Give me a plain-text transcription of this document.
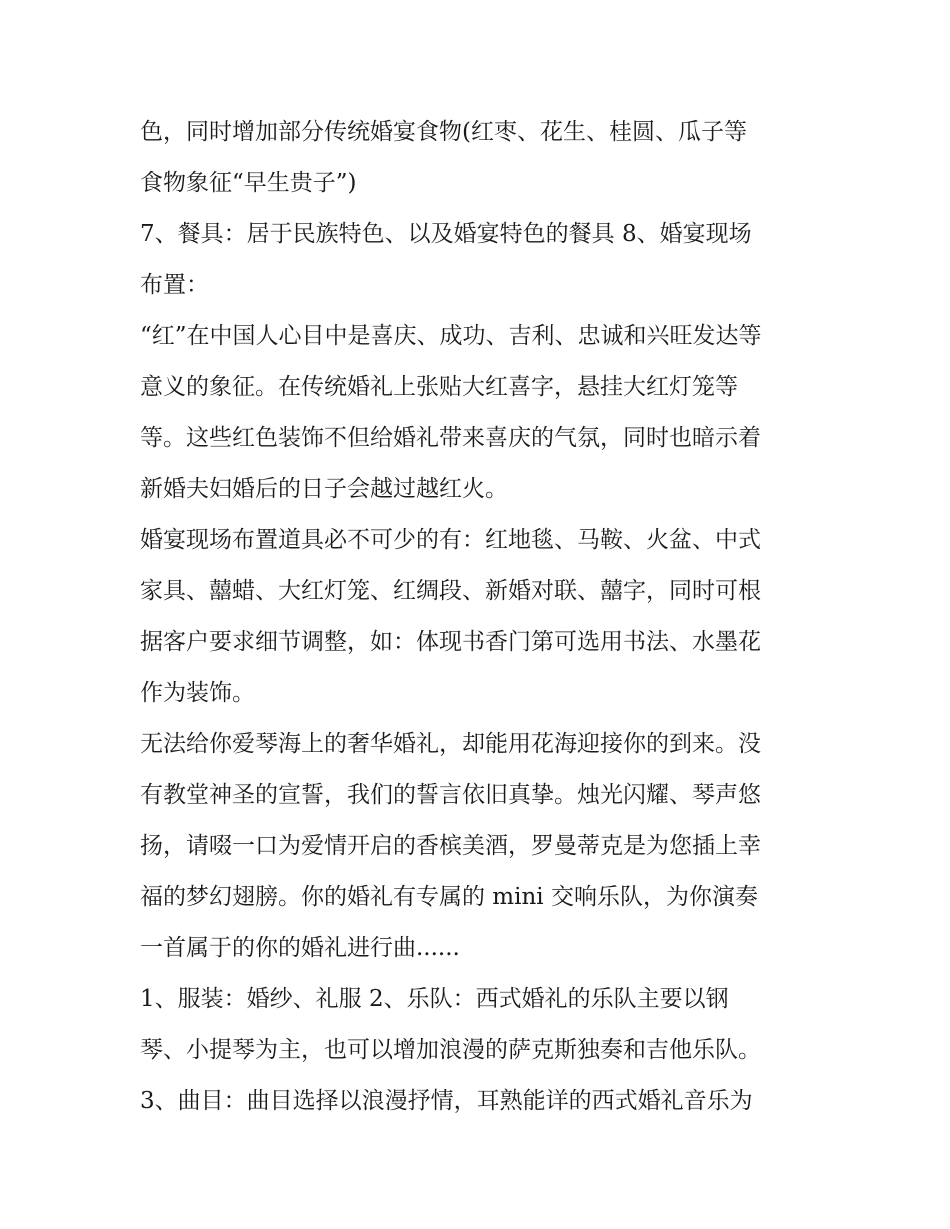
色，同时增加部分传统婚宴食物(红枣、花生、桂圆、瓜子等
食物象征“早生贵子”)
7、餐具：居于民族特色、以及婚宴特色的餐具 8、婚宴现场
布置：
“红”在中国人心目中是喜庆、成功、吉利、忠诚和兴旺发达等
意义的象征。在传统婚礼上张贴大红喜字，悬挂大红灯笼等
等。这些红色装饰不但给婚礼带来喜庆的气氛，同时也暗示着
新婚夫妇婚后的日子会越过越红火。
婚宴现场布置道具必不可少的有：红地毯、马鞍、火盆、中式
家具、囍蜡、大红灯笼、红绸段、新婚对联、囍字，同时可根
据客户要求细节调整，如：体现书香门第可选用书法、水墨花
作为装饰。
无法给你爱琴海上的奢华婚礼，却能用花海迎接你的到来。没
有教堂神圣的宣誓，我们的誓言依旧真挚。烛光闪耀、琴声悠
扬，请啜一口为爱情开启的香槟美酒，罗曼蒂克是为您插上幸
福的梦幻翅膀。你的婚礼有专属的 mini 交响乐队，为你演奏
一首属于的你的婚礼进行曲......
1、服装：婚纱、礼服 2、乐队：西式婚礼的乐队主要以钢
琴、小提琴为主，也可以增加浪漫的萨克斯独奏和吉他乐队。
3、曲目：曲目选择以浪漫抒情，耳熟能详的西式婚礼音乐为
